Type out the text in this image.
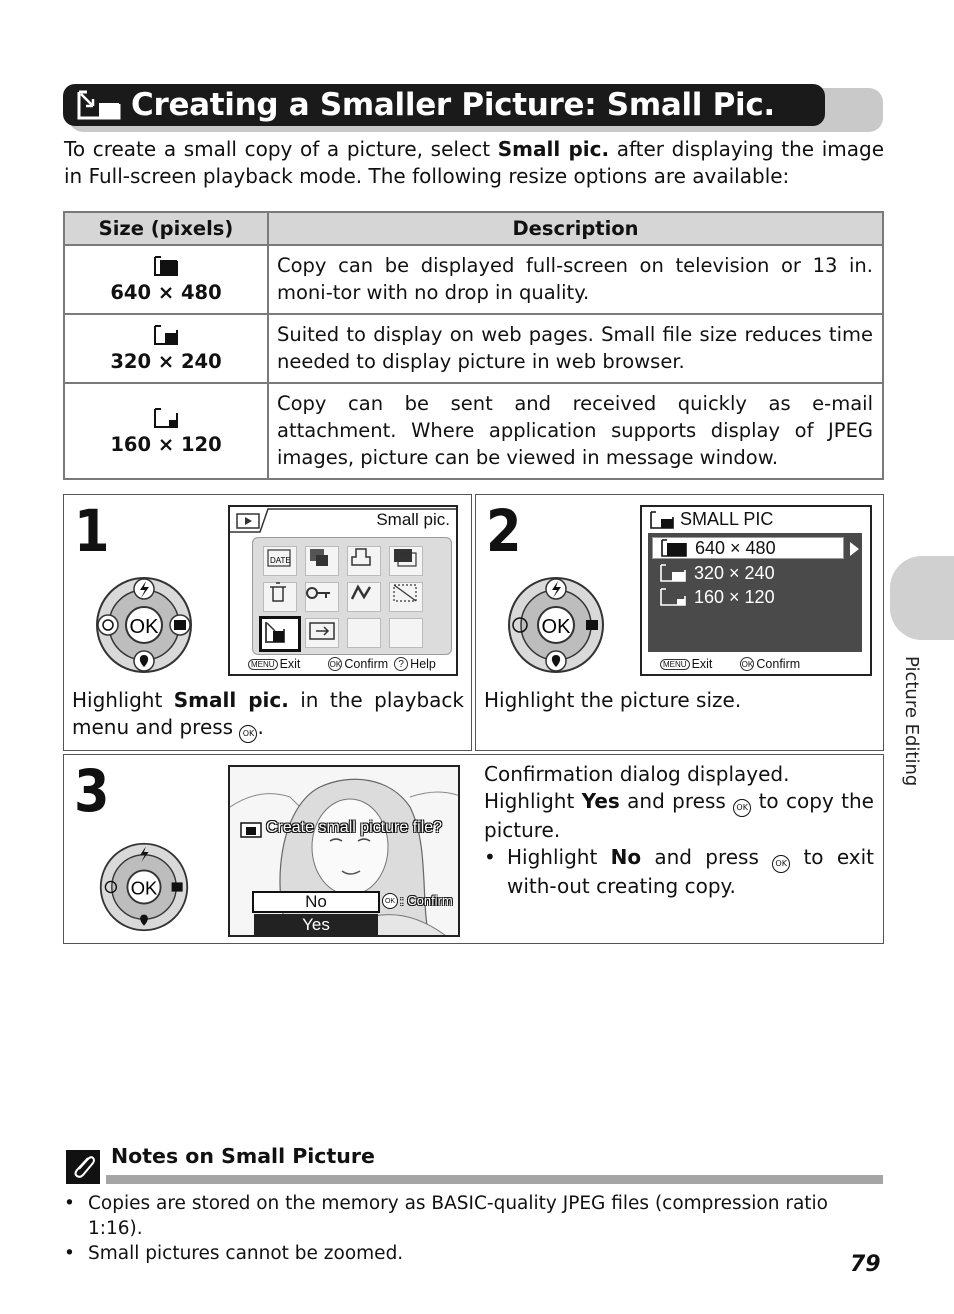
Creating a Smaller Picture: Small Pic.

To create a small copy of a picture, select Small pic. after displaying the image in Full-screen playback mode. The following resize options are available:

Size (pixels)	Description

640 × 480	Copy can be displayed full-screen on television or 13 in. moni-tor with no drop in quality.

320 × 240	Suited to display on web pages. Small file size reduces time needed to display picture in web browser.

160 × 120	Copy can be sent and received quickly as e-mail attachment. Where application supports display of JPEG images, picture can be viewed in message window.
1
OK
Small pic.
DATE
MENU Exit	OK Confirm	? Help
Highlight Small pic. in the playback menu and press OK .
2
OK
SMALL PIC
640 × 480
320 × 240
160 × 120
MENU Exit	OK Confirm
Highlight the picture size.
3
OK
Create small picture file?
No
Yes
OK : Confirm
Confirmation dialog displayed.
Highlight Yes and press OK to copy the picture.
• Highlight No and press OK to exit with-out creating copy.
Picture Editing
Notes on Small Picture
• Copies are stored on the memory as BASIC-quality JPEG files (compression ratio 1:16).
• Small pictures cannot be zoomed.	79
